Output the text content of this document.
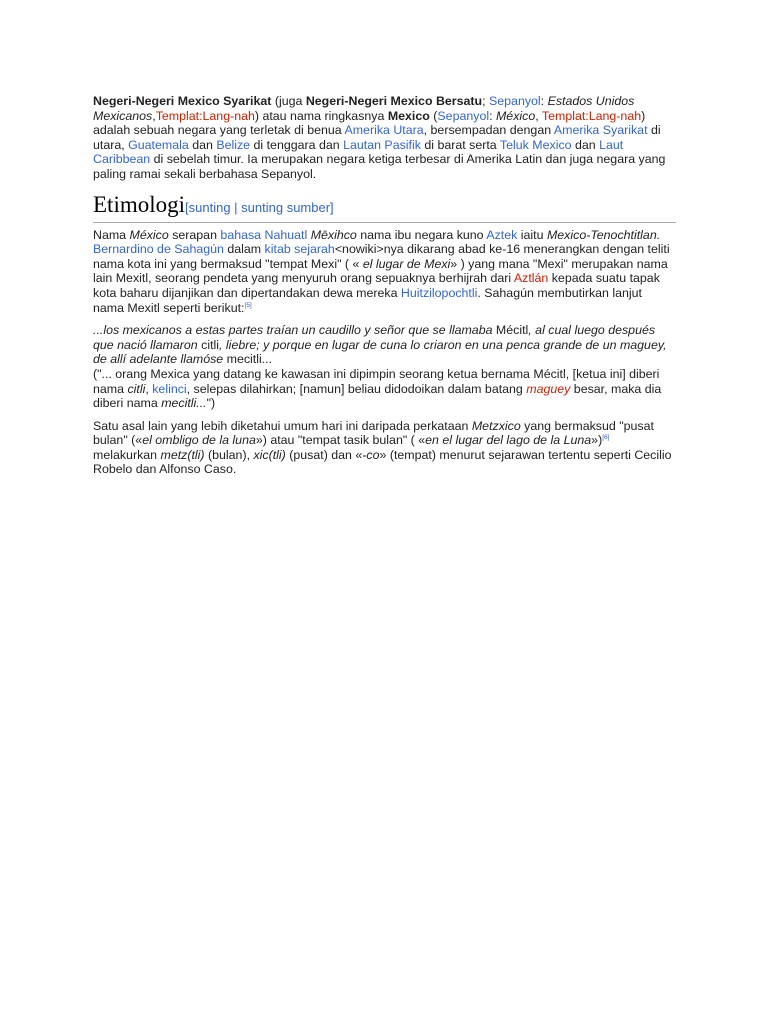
Negeri-Negeri Mexico Syarikat (juga Negeri-Negeri Mexico Bersatu; Sepanyol: Estados Unidos Mexicanos,Templat:Lang-nah) atau nama ringkasnya Mexico (Sepanyol: México, Templat:Lang-nah) adalah sebuah negara yang terletak di benua Amerika Utara, bersempadan dengan Amerika Syarikat di utara, Guatemala dan Belize di tenggara dan Lautan Pasifik di barat serta Teluk Mexico dan Laut Caribbean di sebelah timur. Ia merupakan negara ketiga terbesar di Amerika Latin dan juga negara yang paling ramai sekali berbahasa Sepanyol.

Etimologi[sunting | sunting sumber]

Nama México serapan bahasa Nahuatl Mēxihco nama ibu negara kuno Aztek iaitu Mexico-Tenochtitlan. Bernardino de Sahagún dalam kitab sejarah<nowiki>nya dikarang abad ke-16 menerangkan dengan teliti nama kota ini yang bermaksud "tempat Mexi" ( « el lugar de Mexi» ) yang mana "Mexi" merupakan nama lain Mexitl, seorang pendeta yang menyuruh orang sepuaknya berhijrah dari Aztlán kepada suatu tapak kota baharu dijanjikan dan dipertandakan dewa mereka Huitzilopochtli. Sahagún membutirkan lanjut nama Mexitl seperti berikut:[5]

...los mexicanos a estas partes traían un caudillo y señor que se llamaba Mécitl, al cual luego después que nació llamaron citli, liebre; y porque en lugar de cuna lo criaron en una penca grande de un maguey, de allí adelante llamóse mecitli...
("... orang Mexica yang datang ke kawasan ini dipimpin seorang ketua bernama Mécitl, [ketua ini] diberi nama citli, kelinci, selepas dilahirkan; [namun] beliau didodoikan dalam batang maguey besar, maka dia diberi nama mecitli...")

Satu asal lain yang lebih diketahui umum hari ini daripada perkataan Metzxico yang bermaksud "pusat bulan" («el ombligo de la luna») atau "tempat tasik bulan" ( «en el lugar del lago de la Luna»)[6] melakurkan metz(tli) (bulan), xic(tli) (pusat) dan «-co» (tempat) menurut sejarawan tertentu seperti Cecilio Robelo dan Alfonso Caso.
